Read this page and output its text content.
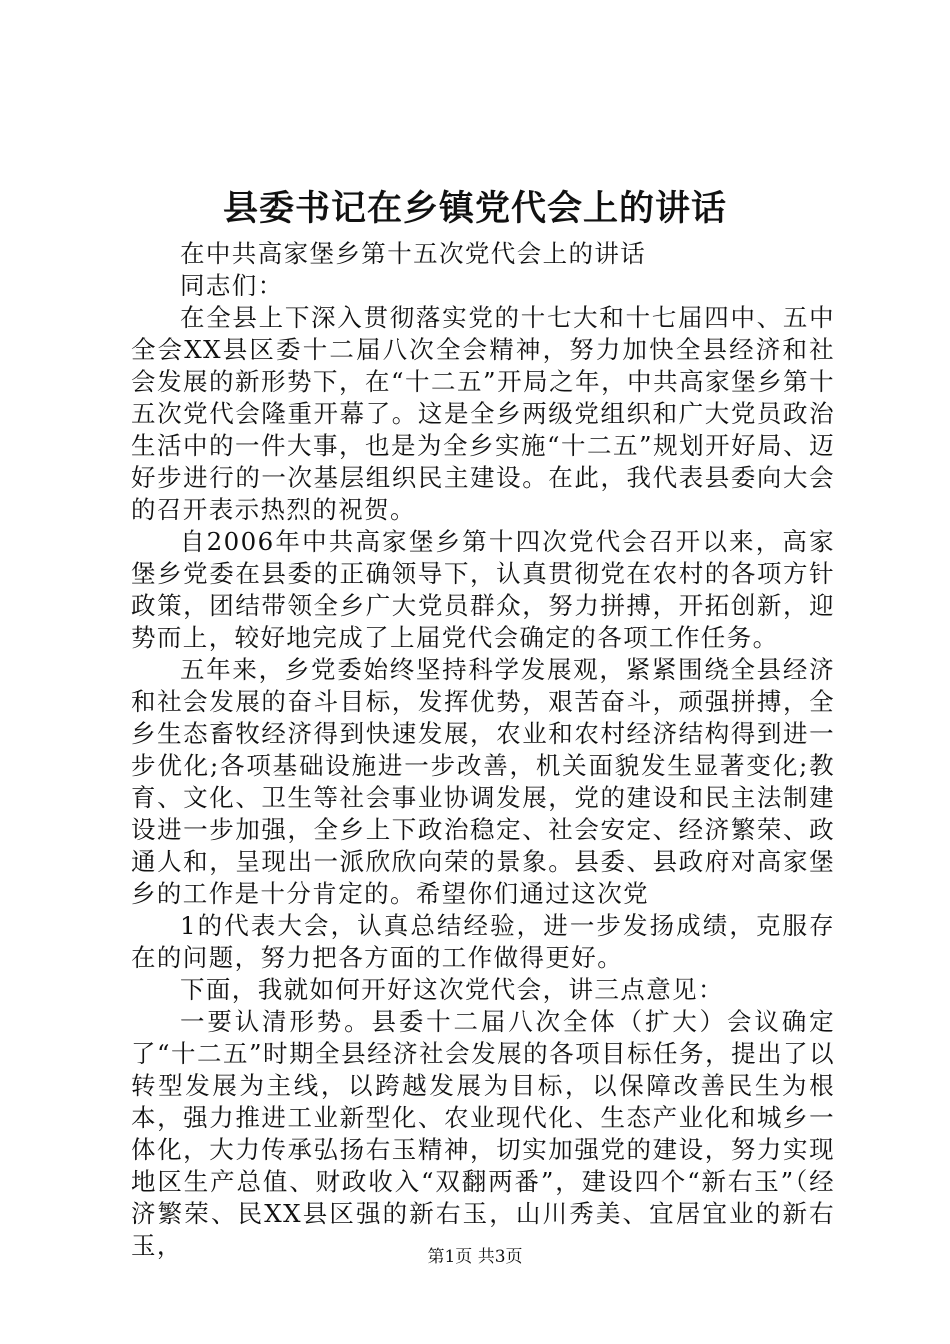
县委书记在乡镇党代会上的讲话

在中共高家堡乡第十五次党代会上的讲话

同志们：

在全县上下深入贯彻落实党的十七大和十七届四中、五中全会XX县区委十二届八次全会精神，努力加快全县经济和社会发展的新形势下，在“十二五”开局之年，中共高家堡乡第十五次党代会隆重开幕了。这是全乡两级党组织和广大党员政治生活中的一件大事，也是为全乡实施“十二五”规划开好局、迈好步进行的一次基层组织民主建设。在此，我代表县委向大会的召开表示热烈的祝贺。

自2006年中共高家堡乡第十四次党代会召开以来，高家堡乡党委在县委的正确领导下，认真贯彻党在农村的各项方针政策，团结带领全乡广大党员群众，努力拼搏，开拓创新，迎势而上，较好地完成了上届党代会确定的各项工作任务。

五年来，乡党委始终坚持科学发展观，紧紧围绕全县经济和社会发展的奋斗目标，发挥优势，艰苦奋斗，顽强拼搏，全乡生态畜牧经济得到快速发展，农业和农村经济结构得到进一步优化;各项基础设施进一步改善，机关面貌发生显著变化;教育、文化、卫生等社会事业协调发展，党的建设和民主法制建设进一步加强，全乡上下政治稳定、社会安定、经济繁荣、政通人和，呈现出一派欣欣向荣的景象。县委、县政府对高家堡乡的工作是十分肯定的。希望你们通过这次党

1的代表大会，认真总结经验，进一步发扬成绩，克服存在的问题，努力把各方面的工作做得更好。

下面，我就如何开好这次党代会，讲三点意见：

一要认清形势。县委十二届八次全体（扩大）会议确定了“十二五”时期全县经济社会发展的各项目标任务，提出了以转型发展为主线，以跨越发展为目标，以保障改善民生为根本，强力推进工业新型化、农业现代化、生态产业化和城乡一体化，大力传承弘扬右玉精神，切实加强党的建设，努力实现地区生产总值、财政收入“双翻两番”，建设四个“新右玉”（经济繁荣、民XX县区强的新右玉，山川秀美、宜居宜业的新右玉，	第1页 共3页
